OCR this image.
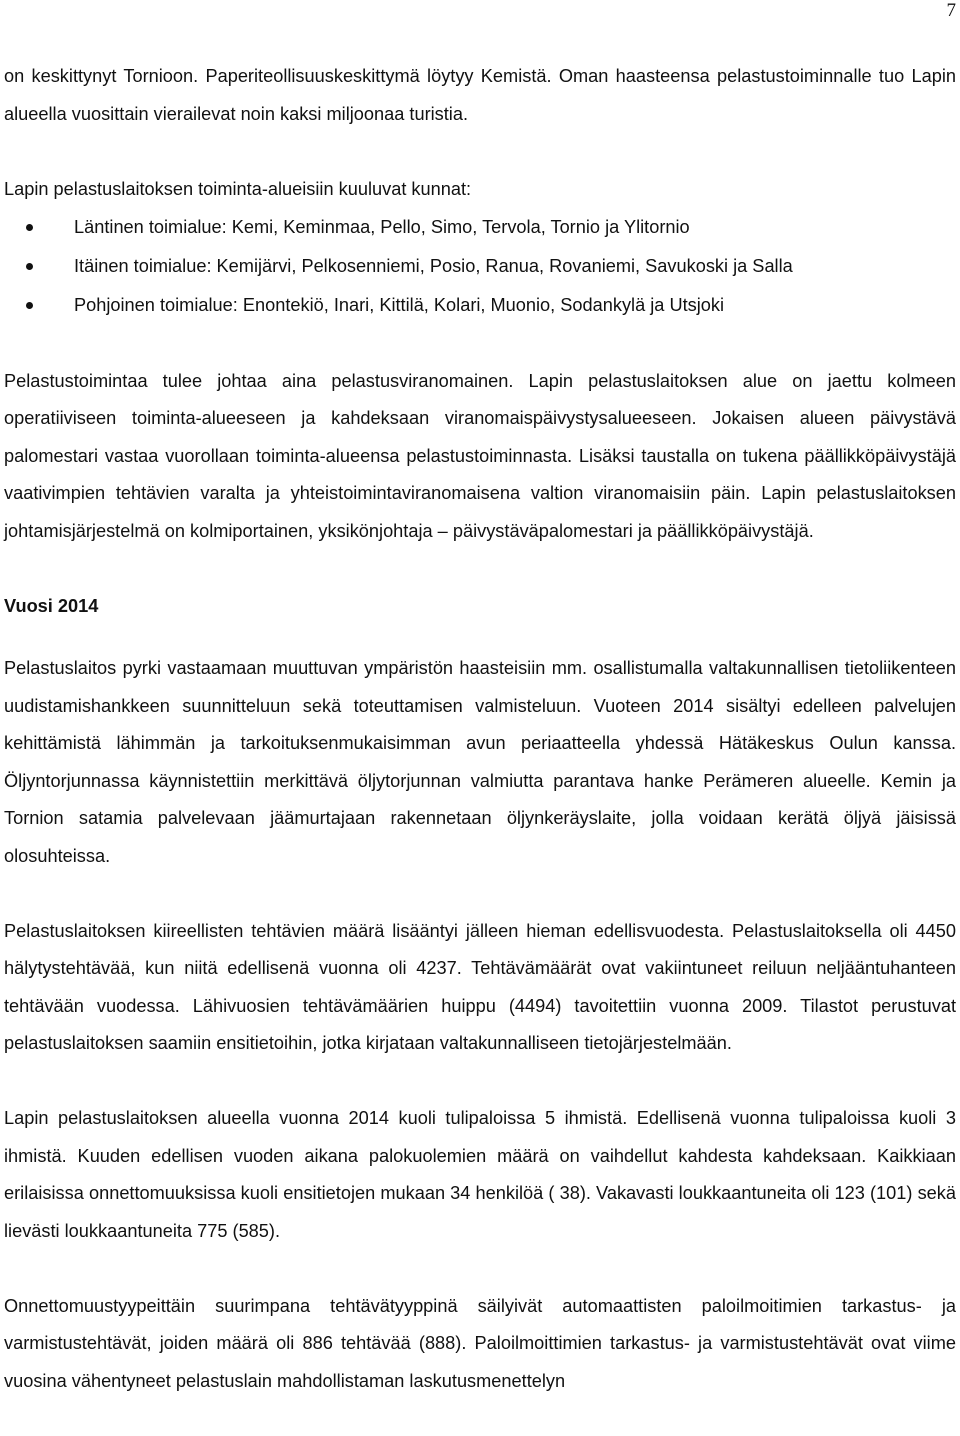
7

on keskittynyt Tornioon. Paperiteollisuuskeskittymä löytyy Kemistä. Oman haasteensa pelastustoiminnalle tuo Lapin alueella vuosittain vierailevat noin kaksi miljoonaa turistia.

Lapin pelastuslaitoksen toiminta-alueisiin kuuluvat kunnat:

Läntinen toimialue: Kemi, Keminmaa, Pello, Simo, Tervola, Tornio ja Ylitornio
Itäinen toimialue: Kemijärvi, Pelkosenniemi, Posio, Ranua, Rovaniemi, Savukoski ja Salla
Pohjoinen toimialue: Enontekiö, Inari, Kittilä, Kolari, Muonio, Sodankylä ja Utsjoki

Pelastustoimintaa tulee johtaa aina pelastusviranomainen. Lapin pelastuslaitoksen alue on jaettu kolmeen operatiiviseen toiminta-alueeseen ja kahdeksaan viranomaispäivystysalueeseen. Jokaisen alueen päivystävä palomestari vastaa vuorollaan toiminta-alueensa pelastustoiminnasta. Lisäksi taustalla on tukena päällikköpäivystäjä vaativimpien tehtävien varalta ja yhteistoimintaviranomaisena valtion viranomaisiin päin. Lapin pelastuslaitoksen johtamisjärjestelmä on kolmiportainen, yksikönjohtaja – päivystäväpalomestari ja päällikköpäivystäjä.

Vuosi 2014

Pelastuslaitos pyrki vastaamaan muuttuvan ympäristön haasteisiin mm. osallistumalla valtakunnallisen tietoliikenteen uudistamishankkeen suunnitteluun sekä toteuttamisen valmisteluun. Vuoteen 2014 sisältyi edelleen palvelujen kehittämistä lähimmän ja tarkoituksenmukaisimman avun periaatteella yhdessä Hätäkeskus Oulun kanssa. Öljyntorjunnassa käynnistettiin merkittävä öljytorjunnan valmiutta parantava hanke Perämeren alueelle. Kemin ja Tornion satamia palvelevaan jäämurtajaan rakennetaan öljynkeräyslaite, jolla voidaan kerätä öljyä jäisissä olosuhteissa.

Pelastuslaitoksen kiireellisten tehtävien määrä lisääntyi jälleen hieman edellisvuodesta. Pelastuslaitoksella oli 4450 hälytystehtävää, kun niitä edellisenä vuonna oli 4237. Tehtävämäärät ovat vakiintuneet reiluun neljääntuhanteen tehtävään vuodessa. Lähivuosien tehtävämäärien huippu (4494) tavoitettiin vuonna 2009. Tilastot perustuvat pelastuslaitoksen saamiin ensitietoihin, jotka kirjataan valtakunnalliseen tietojärjestelmään.

Lapin pelastuslaitoksen alueella vuonna 2014 kuoli tulipaloissa 5 ihmistä. Edellisenä vuonna tulipaloissa kuoli 3 ihmistä. Kuuden edellisen vuoden aikana palokuolemien määrä on vaihdellut kahdesta kahdeksaan. Kaikkiaan erilaisissa onnettomuuksissa kuoli ensitietojen mukaan 34 henkilöä ( 38). Vakavasti loukkaantuneita oli 123 (101) sekä lievästi loukkaantuneita 775 (585).

Onnettomuustyypeittäin suurimpana tehtävätyyppinä säilyivät automaattisten paloilmoitimien tarkastus- ja varmistustehtävät, joiden määrä oli 886 tehtävää (888). Paloilmoittimien tarkastus- ja varmistustehtävät ovat viime vuosina vähentyneet pelastuslain mahdollistaman laskutusmenettelyn
